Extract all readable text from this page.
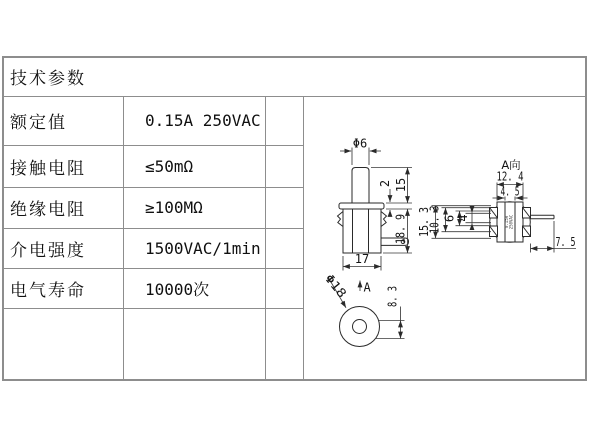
技术参数
额定值	0.15A 250VAC
接触电阻	≤50mΩ
绝缘电阻	≥100MΩ
介电强度	1500VAC/1min
电气寿命	10000次
Φ6
15
2
18. 9
17
A
Φ18	8. 3
A向
12. 4
4. 5
0.15A 250VAC
7. 5
15. 3
10. 3 6 4
